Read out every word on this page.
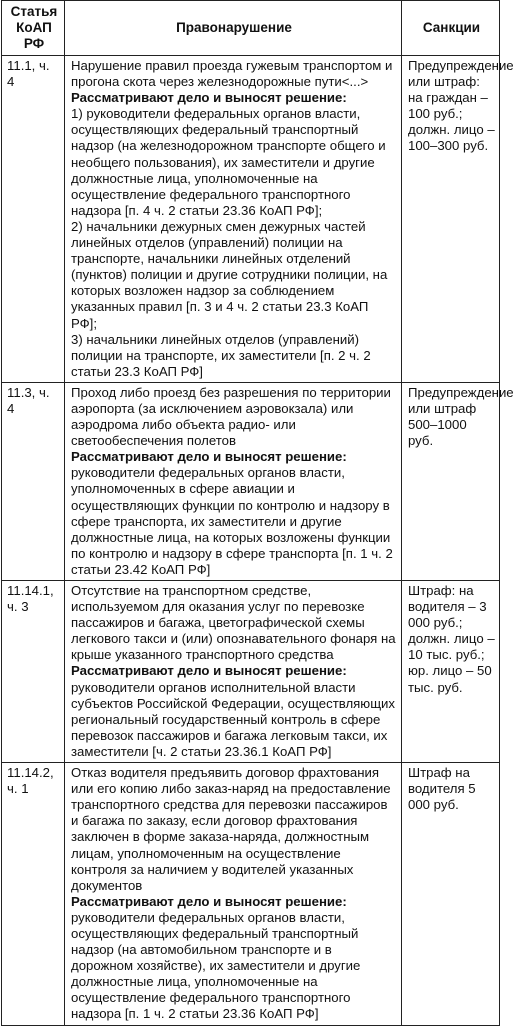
Статья КоАП РФ	Правонарушение	Санкции
11.1, ч. 4	Нарушение правил проезда гужевым транспортом и прогона скота через железнодорожные пути<...>
Рассматривают дело и выносят решение:
1) руководители федеральных органов власти, осуществляющих федеральный транспортный надзор (на железнодорожном транспорте общего и необщего пользования), их заместители и другие должностные лица, уполномоченные на осуществление федерального транспортного надзора [п. 4 ч. 2 статьи 23.36 КоАП РФ];
2) начальники дежурных смен дежурных частей линейных отделов (управлений) полиции на транспорте, начальники линейных отделений (пунктов) полиции и другие сотрудники полиции, на которых возложен надзор за соблюдением указанных правил [п. 3 и 4 ч. 2 статьи 23.3 КоАП РФ];
3) начальники линейных отделов (управлений) полиции на транспорте, их заместители [п. 2 ч. 2 статьи 23.3 КоАП РФ]	Предупреждение или штраф: на граждан – 100 руб.; должн. лицо – 100–300 руб.
11.3, ч. 4	Проход либо проезд без разрешения по территории аэропорта (за исключением аэровокзала) или аэродрома либо объекта радио- или светообеспечения полетов
Рассматривают дело и выносят решение:
руководители федеральных органов власти, уполномоченных в сфере авиации и осуществляющих функции по контролю и надзору в сфере транспорта, их заместители и другие должностные лица, на которых возложены функции по контролю и надзору в сфере транспорта [п. 1 ч. 2 статьи 23.42 КоАП РФ]	Предупреждение или штраф 500–1000 руб.
11.14.1, ч. 3	Отсутствие на транспортном средстве, используемом для оказания услуг по перевозке пассажиров и багажа, цветографической схемы легкового такси и (или) опознавательного фонаря на крыше указанного транспортного средства
Рассматривают дело и выносят решение:
руководители органов исполнительной власти субъектов Российской Федерации, осуществляющих региональный государственный контроль в сфере перевозок пассажиров и багажа легковым такси, их заместители [ч. 2 статьи 23.36.1 КоАП РФ]	Штраф: на водителя – 3 000 руб.; должн. лицо – 10 тыс. руб.; юр. лицо – 50 тыс. руб.
11.14.2, ч. 1	Отказ водителя предъявить договор фрахтования или его копию либо заказ-наряд на предоставление транспортного средства для перевозки пассажиров и багажа по заказу, если договор фрахтования заключен в форме заказа-наряда, должностным лицам, уполномоченным на осуществление контроля за наличием у водителей указанных документов
Рассматривают дело и выносят решение:
руководители федеральных органов власти, осуществляющих федеральный транспортный надзор (на автомобильном транспорте и в дорожном хозяйстве), их заместители и другие должностные лица, уполномоченные на осуществление федерального транспортного надзора [п. 1 ч. 2 статьи 23.36 КоАП РФ]	Штраф на водителя 5 000 руб.
